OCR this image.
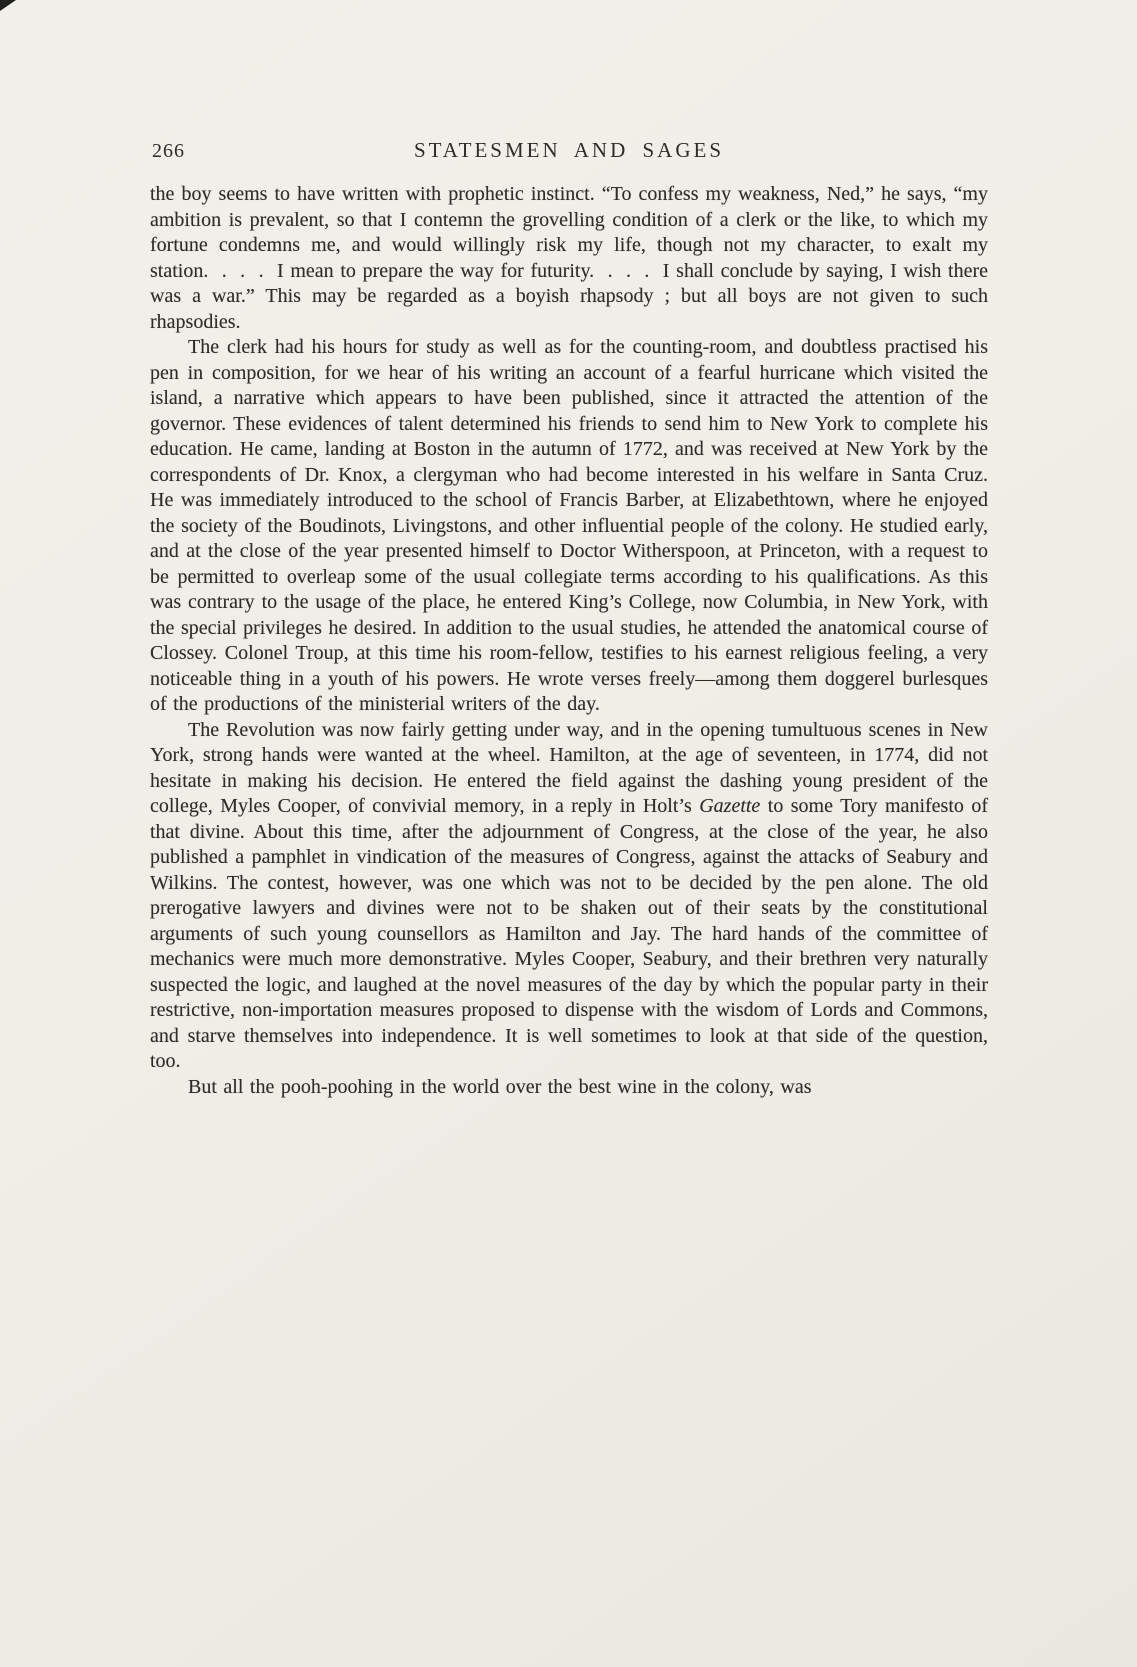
266	STATESMEN AND SAGES

the boy seems to have written with prophetic instinct. “To confess my weakness, Ned,” he says, “my ambition is prevalent, so that I contemn the grovelling condition of a clerk or the like, to which my fortune condemns me, and would willingly risk my life, though not my character, to exalt my station.  .  .  .  I mean to prepare the way for futurity.  .  .  .  I shall conclude by saying, I wish there was a war.” This may be regarded as a boyish rhapsody ; but all boys are not given to such rhapsodies.

The clerk had his hours for study as well as for the counting-room, and doubtless practised his pen in composition, for we hear of his writing an account of a fearful hurricane which visited the island, a narrative which appears to have been published, since it attracted the attention of the governor. These evidences of talent determined his friends to send him to New York to complete his education. He came, landing at Boston in the autumn of 1772, and was received at New York by the correspondents of Dr. Knox, a clergyman who had become interested in his welfare in Santa Cruz. He was immediately introduced to the school of Francis Barber, at Elizabethtown, where he enjoyed the society of the Boudinots, Livingstons, and other influential people of the colony. He studied early, and at the close of the year presented himself to Doctor Witherspoon, at Princeton, with a request to be permitted to overleap some of the usual collegiate terms according to his qualifications. As this was contrary to the usage of the place, he entered King’s College, now Columbia, in New York, with the special privileges he desired. In addition to the usual studies, he attended the anatomical course of Clossey. Colonel Troup, at this time his room-fellow, testifies to his earnest religious feeling, a very noticeable thing in a youth of his powers. He wrote verses freely—among them doggerel burlesques of the productions of the ministerial writers of the day.

The Revolution was now fairly getting under way, and in the opening tumultuous scenes in New York, strong hands were wanted at the wheel. Hamilton, at the age of seventeen, in 1774, did not hesitate in making his decision. He entered the field against the dashing young president of the college, Myles Cooper, of convivial memory, in a reply in Holt’s Gazette to some Tory manifesto of that divine. About this time, after the adjournment of Congress, at the close of the year, he also published a pamphlet in vindication of the measures of Congress, against the attacks of Seabury and Wilkins. The contest, however, was one which was not to be decided by the pen alone. The old prerogative lawyers and divines were not to be shaken out of their seats by the constitutional arguments of such young counsellors as Hamilton and Jay. The hard hands of the committee of mechanics were much more demonstrative. Myles Cooper, Seabury, and their brethren very naturally suspected the logic, and laughed at the novel measures of the day by which the popular party in their restrictive, non-importation measures proposed to dispense with the wisdom of Lords and Commons, and starve themselves into independence. It is well sometimes to look at that side of the question, too.

But all the pooh-poohing in the world over the best wine in the colony, was
